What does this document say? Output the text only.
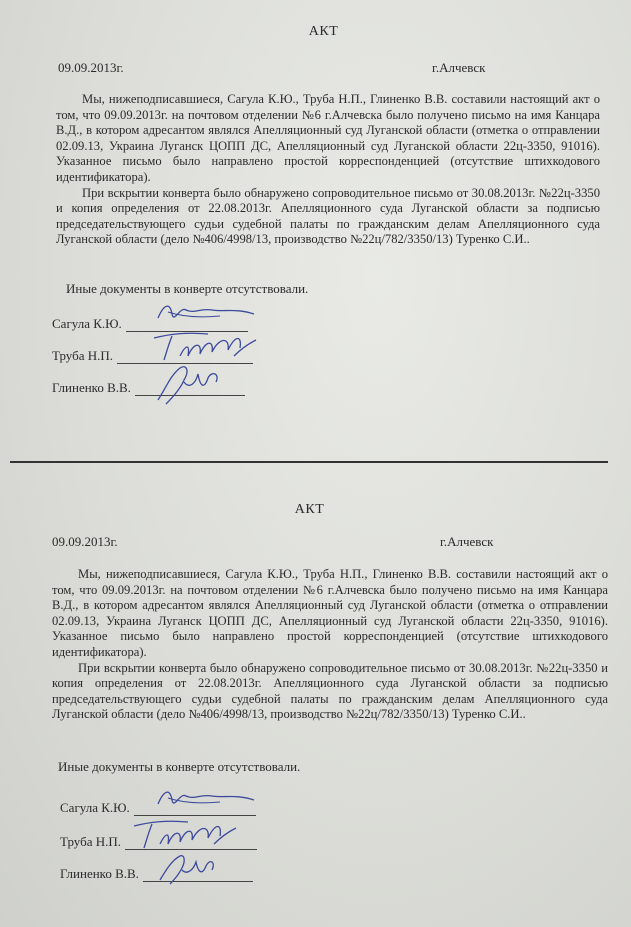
АКТ
09.09.2013г.	г.Алчевск

Мы, нижеподписавшиеся, Сагула К.Ю., Труба Н.П., Глиненко В.В. составили настоящий акт о том, что 09.09.2013г. на почтовом отделении №6 г.Алчевска было получено письмо на имя Канцара В.Д., в котором адресантом являлся Апелляционный суд Луганской области (отметка о отправлении 02.09.13, Украина Луганск ЦОПП ДС, Апелляционный суд Луганской области 22ц-3350, 91016). Указанное письмо было направлено простой корреспонденцией (отсутствие штихкодового идентификатора).

При вскрытии конверта было обнаружено сопроводительное письмо от 30.08.2013г. №22ц-3350 и копия определения от 22.08.2013г. Апелляционного суда Луганской области за подписью председательствующего судьи судебной палаты по гражданским делам Апелляционного суда Луганской области (дело №406/4998/13, производство №22ц/782/3350/13) Туренко С.И..

Иные документы в конверте отсутствовали.
Сагула К.Ю.
Труба Н.П.
Глиненко В.В.
АКТ
09.09.2013г.	г.Алчевск

Мы, нижеподписавшиеся, Сагула К.Ю., Труба Н.П., Глиненко В.В. составили настоящий акт о том, что 09.09.2013г. на почтовом отделении №6 г.Алчевска было получено письмо на имя Канцара В.Д., в котором адресантом являлся Апелляционный суд Луганской области (отметка о отправлении 02.09.13, Украина Луганск ЦОПП ДС, Апелляционный суд Луганской области 22ц-3350, 91016). Указанное письмо было направлено простой корреспонденцией (отсутствие штихкодового идентификатора).

При вскрытии конверта было обнаружено сопроводительное письмо от 30.08.2013г. №22ц-3350 и копия определения от 22.08.2013г. Апелляционного суда Луганской области за подписью председательствующего судьи судебной палаты по гражданским делам Апелляционного суда Луганской области (дело №406/4998/13, производство №22ц/782/3350/13) Туренко С.И..

Иные документы в конверте отсутствовали.
Сагула К.Ю.
Труба Н.П.
Глиненко В.В.
